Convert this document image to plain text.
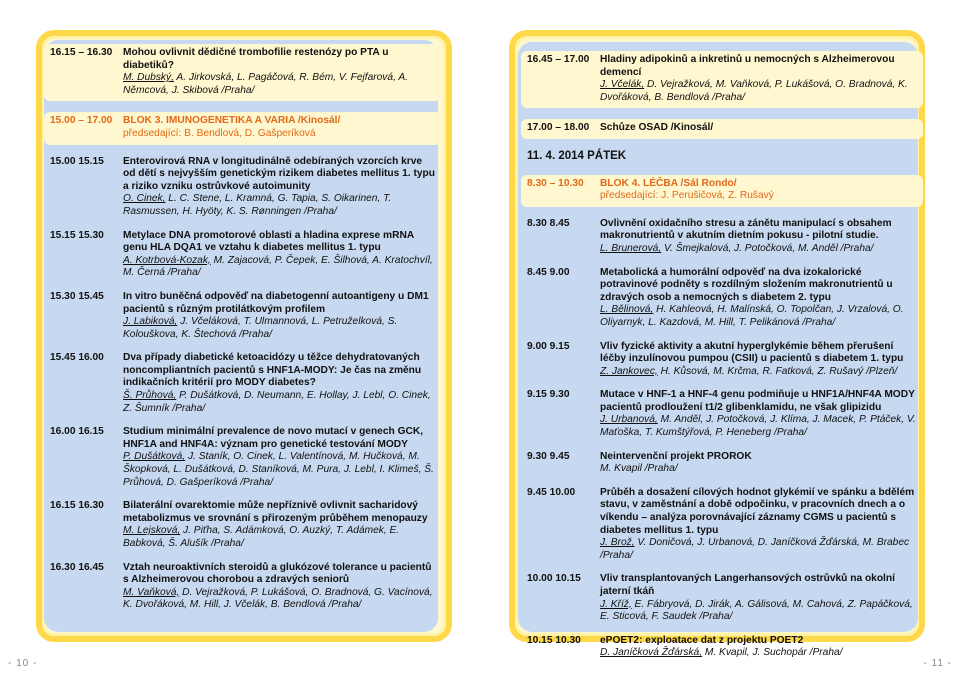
16.15 – 16.30	Mohou ovlivnit dědičné trombofilie restenózy po PTA u diabetiků?
M. Dubský, A. Jirkovská, L. Pagáčová, R. Bém, V. Fejfarová, A. Němcová, J. Skibová /Praha/
15.00 – 17.00	BLOK 3. IMUNOGENETIKA A VARIA /Kinosál/
předsedající: B. Bendlová, D. Gašperíková
15.00 15.15	Enterovirová RNA v longitudinálně odebíraných vzorcích krve od dětí s nejvyšším genetickým rizikem diabetes mellitus 1. typu a riziko vzniku ostrůvkové autoimunity
O. Cinek, L. C. Stene, L. Kramná, G. Tapia, S. Oikarinen, T. Rasmussen, H. Hyöty, K. S. Rønningen /Praha/
15.15 15.30	Metylace DNA promotorové oblasti a hladina exprese mRNA genu HLA DQA1 ve vztahu k diabetes mellitus 1. typu
A. Kotrbová-Kozak, M. Zajacová, P. Čepek, E. Šilhová, A. Kratochvíl, M. Černá /Praha/
15.30 15.45	In vitro buněčná odpověď na diabetogenní autoantigeny u DM1 pacientů s různým protilátkovým profilem
J. Labiková, J. Včeláková, T. Ulmannová, L. Petruželková, S. Kolouškova, K. Štechová /Praha/
15.45 16.00	Dva případy diabetické ketoacidózy u těžce dehydratovaných noncompliantních pacientů s HNF1A-MODY: Je čas na změnu indikačních kritérií pro MODY diabetes?
Š. Průhová, P. Dušátková, D. Neumann, E. Hollay, J. Lebl, O. Cinek, Z. Šumník /Praha/
16.00 16.15	Studium minimální prevalence de novo mutací v genech GCK, HNF1A and HNF4A: význam pro genetické testování MODY
P. Dušátková, J. Staník, O. Cinek, L. Valentínová, M. Hučková, M. Škopková, L. Dušátková, D. Staníková, M. Pura, J. Lebl, I. Klimeš, Š. Průhová, D. Gašperíková /Praha/
16.15 16.30	Bilaterální ovarektomie může nepříznivě ovlivnit sacharidový metabolizmus ve srovnání s přirozeným průběhem menopauzy
M. Lejsková, J. Piťha, S. Adámková, O. Auzký, T. Adámek, E. Babková, Š. Alušík /Praha/
16.30 16.45	Vztah neuroaktivních steroidů a glukózové tolerance u pacientů s Alzheimerovou chorobou a zdravých seniorů
M. Vaňková, D. Vejražková, P. Lukášová, O. Bradnová, G. Vacínová, K. Dvořáková, M. Hill, J. Včelák, B. Bendlová /Praha/
16.45 – 17.00	Hladiny adipokinů a inkretinů u nemocných s Alzheimerovou demencí
J. Včelák, D. Vejražková, M. Vaňková, P. Lukášová, O. Bradnová, K. Dvořáková, B. Bendlová /Praha/
17.00 – 18.00	Schůze OSAD /Kinosál/
11. 4. 2014 PÁTEK
8.30 – 10.30	BLOK 4. LÉČBA /Sál Rondo/
předsedající: J. Perušičová, Z. Rušavý
8.30 8.45	Ovlivnění oxidačního stresu a zánětu manipulací s obsahem makronutrientů v akutním dietním pokusu - pilotní studie.
L. Brunerová, V. Šmejkalová, J. Potočková, M. Anděl /Praha/
8.45 9.00	Metabolická a humorální odpověď na dva izokalorické potravinové podněty s rozdílným složením makronutrientů u zdravých osob a nemocných s diabetem 2. typu
L. Bělinová, H. Kahleová, H. Malínská, O. Topolčan, J. Vrzalová, O. Oliyarnyk, L. Kazdová, M. Hill, T. Pelikánová /Praha/
9.00 9.15	Vliv fyzické aktivity a akutní hyperglykémie během přerušení léčby inzulínovou pumpou (CSII) u pacientů s diabetem 1. typu
Z. Jankovec, H. Kůsová, M. Krčma, R. Fatková, Z. Rušavý /Plzeň/
9.15 9.30	Mutace v HNF-1 a HNF-4 genu podmiňuje u HNF1A/HNF4A MODY pacientů prodloužení t1/2 glibenklamidu, ne však glipizidu
J. Urbanová, M. Anděl, J. Potočková, J. Klíma, J. Macek, P. Ptáček, V. Maťoška, T. Kumštýřová, P. Heneberg /Praha/
9.30 9.45	Neintervenční projekt PROROK
M. Kvapil /Praha/
9.45 10.00	Průběh a dosažení cílových hodnot glykémií ve spánku a bdělém stavu, v zaměstnání a době odpočinku, v pracovních dnech a o víkendu – analýza porovnávající záznamy CGMS u pacientů s diabetes mellitus 1. typu
J. Brož, V. Doničová, J. Urbanová, D. Janíčková Žďárská, M. Brabec /Praha/
10.00 10.15	Vliv transplantovaných Langerhansových ostrůvků na okolní jaterní tkáň
J. Kříž, E. Fábryová, D. Jirák, A. Gálisová, M. Cahová, Z. Papáčková, E. Sticová, F. Saudek /Praha/
10.15 10.30	ePOET2: exploatace dat z projektu POET2
D. Janíčková Žďárská, M. Kvapil, J. Suchopár /Praha/
- 10 -	- 11 -
